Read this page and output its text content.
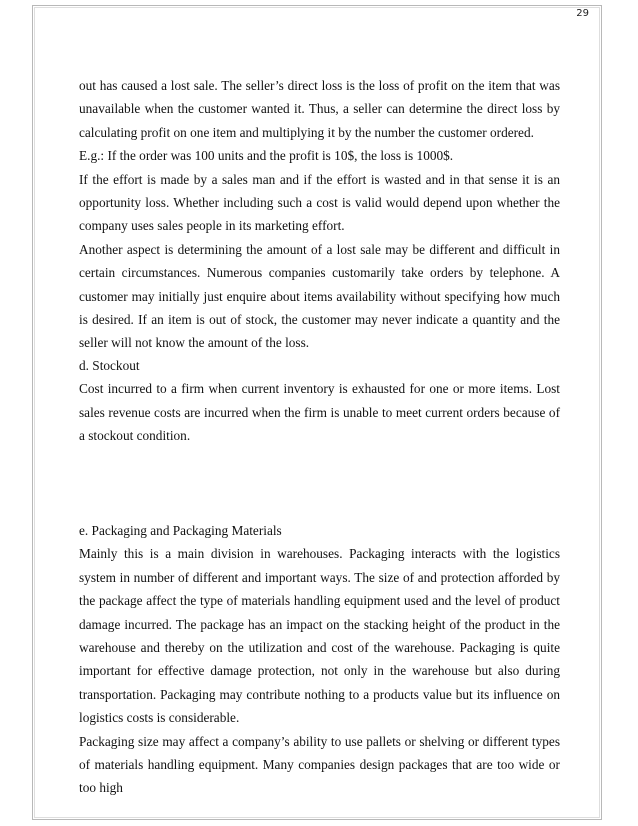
29

out has caused a lost sale. The seller’s direct loss is the loss of profit on the item that was unavailable when the customer wanted it. Thus, a seller can determine the direct loss by calculating profit on one item and multiplying it by the number the customer ordered.

E.g.: If the order was 100 units and the profit is 10$, the loss is 1000$.

If the effort is made by a sales man and if the effort is wasted and in that sense it is an opportunity loss. Whether including such a cost is valid would depend upon whether the company uses sales people in its marketing effort.

Another aspect is determining the amount of a lost sale may be different and difficult in certain circumstances. Numerous companies customarily take orders by telephone. A customer may initially just enquire about items availability without specifying how much is desired. If an item is out of stock, the customer may never indicate a quantity and the seller will not know the amount of the loss.

d. Stockout

Cost incurred to a firm when current inventory is exhausted for one or more items. Lost sales revenue costs are incurred when the firm is unable to meet current orders because of a stockout condition.

e. Packaging and Packaging Materials

Mainly this is a main division in warehouses. Packaging interacts with the logistics system in number of different and important ways. The size of and protection afforded by the package affect the type of materials handling equipment used and the level of product damage incurred. The package has an impact on the stacking height of the product in the warehouse and thereby on the utilization and cost of the warehouse. Packaging is quite important for effective damage protection, not only in the warehouse but also during transportation. Packaging may contribute nothing to a products value but its influence on logistics costs is considerable.

Packaging size may affect a company’s ability to use pallets or shelving or different types of materials handling equipment. Many companies design packages that are too wide or too high
